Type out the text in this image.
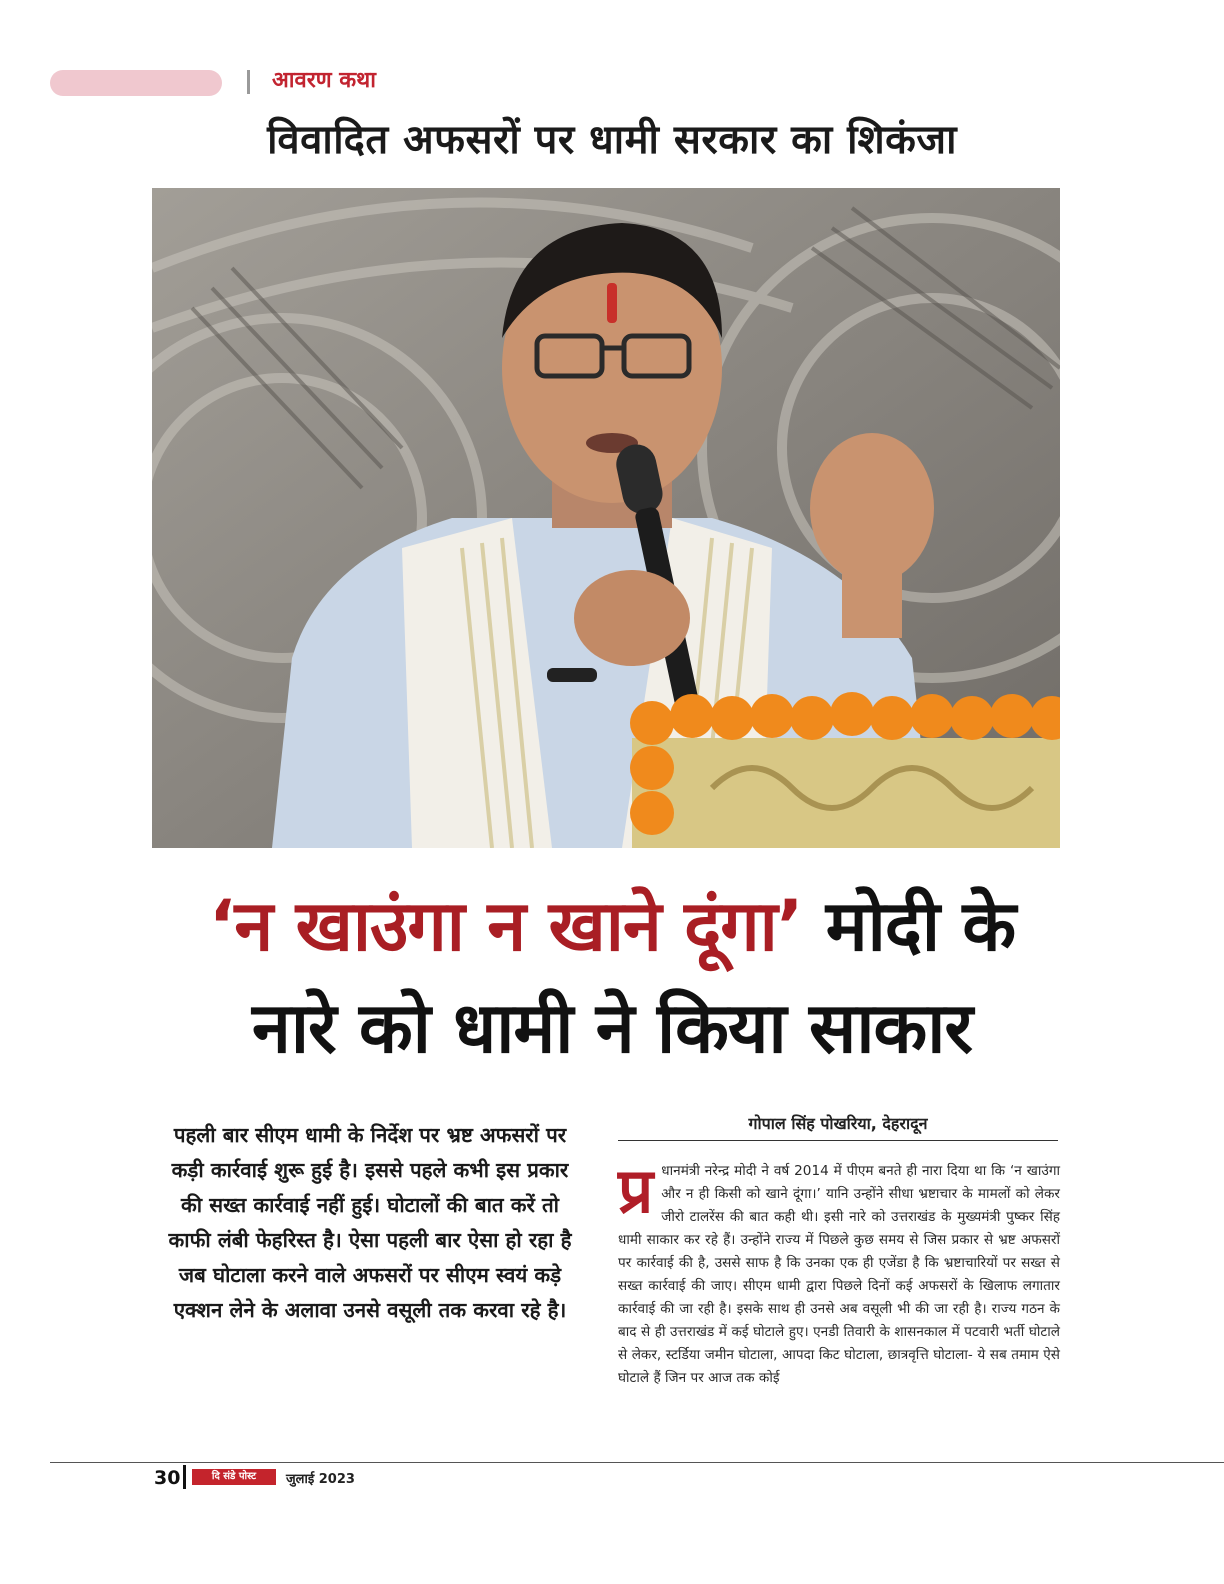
आवरण कथा
विवादित अफसरों पर धामी सरकार का शिकंजा
‘न खाउंगा न खाने दूंगा’ मोदी के
नारे को धामी ने किया साकार
पहली बार सीएम धामी के निर्देश पर भ्रष्ट अफसरों पर कड़ी कार्रवाई शुरू हुई है। इससे पहले कभी इस प्रकार की सख्त कार्रवाई नहीं हुई। घोटालों की बात करें तो काफी लंबी फेहरिस्त है। ऐसा पहली बार ऐसा हो रहा है जब घोटाला करने वाले अफसरों पर सीएम स्वयं कड़े एक्शन लेने के अलावा उनसे वसूली तक करवा रहे है।
गोपाल सिंह पोखरिया, देहरादून
प्र धानमंत्री नरेन्द्र मोदी ने वर्ष 2014 में पीएम बनते ही नारा दिया था कि ‘न खाउंगा और न ही किसी को खाने दूंगा।’ यानि उन्होंने सीधा भ्रष्टाचार के मामलों को लेकर जीरो टालरेंस की बात कही थी। इसी नारे को उत्तराखंड के मुख्यमंत्री पुष्कर सिंह धामी साकार कर रहे हैं। उन्होंने राज्य में पिछले कुछ समय से जिस प्रकार से भ्रष्ट अफसरों पर कार्रवाई की है, उससे साफ है कि उनका एक ही एजेंडा है कि भ्रष्टाचारियों पर सख्त से सख्त कार्रवाई की जाए। सीएम धामी द्वारा पिछले दिनों कई अफसरों के खिलाफ लगातार कार्रवाई की जा रही है। इसके साथ ही उनसे अब वसूली भी की जा रही है। राज्य गठन के बाद से ही उत्तराखंड में कई घोटाले हुए। एनडी तिवारी के शासनकाल में पटवारी भर्ती घोटाले से लेकर, स्टर्डिया जमीन घोटाला, आपदा किट घोटाला, छात्रवृत्ति घोटाला- ये सब तमाम ऐसे घोटाले हैं जिन पर आज तक कोई
30	दि संडे पोस्ट	जुलाई 2023
